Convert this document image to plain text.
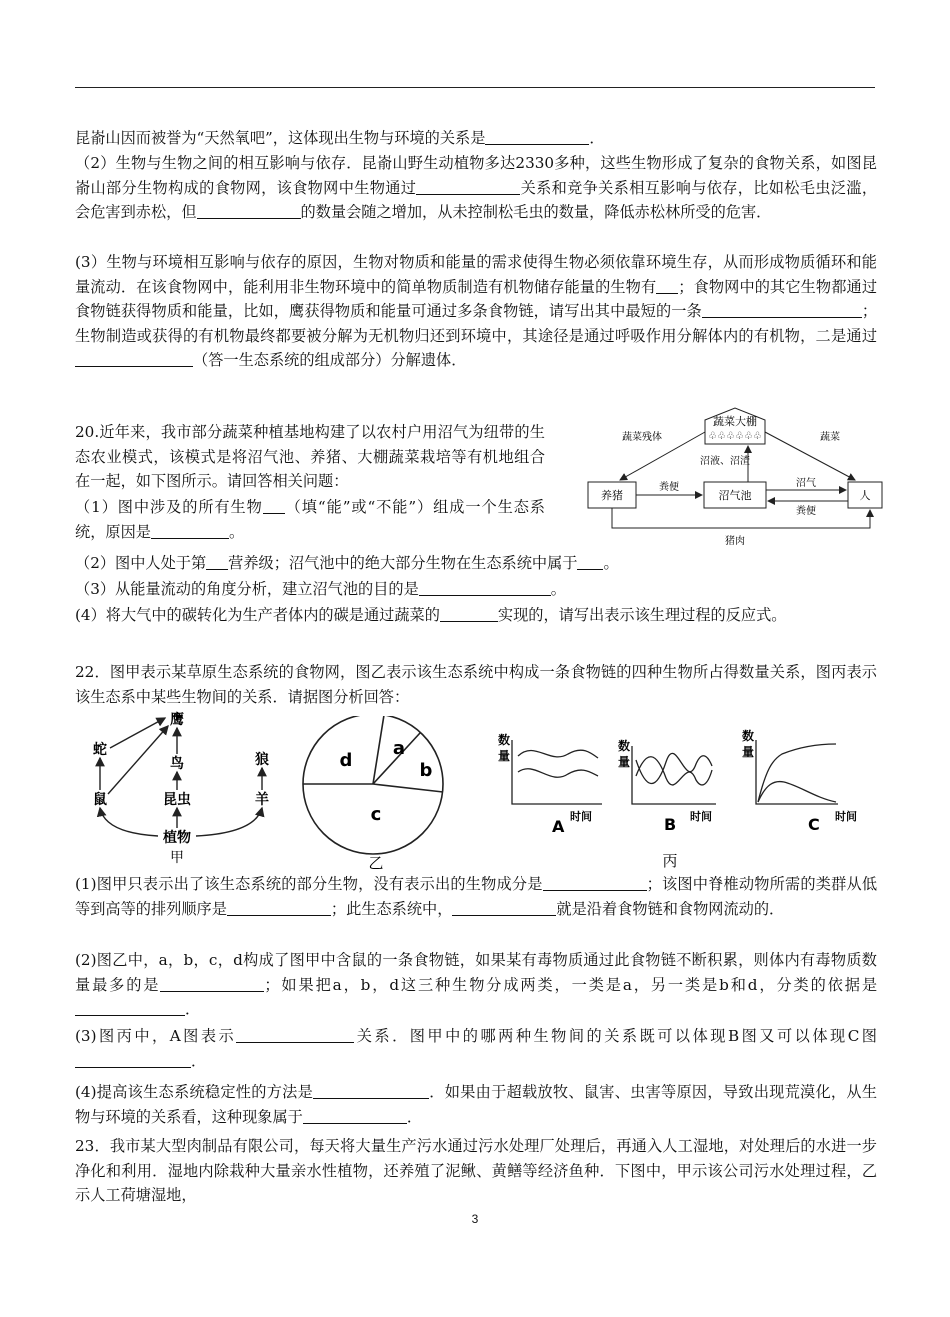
昆嵛山因而被誉为“天然氧吧”，这体现出生物与环境的关系是	．

（2）生物与生物之间的相互影响与依存．昆嵛山野生动植物多达2330多种，这些生物形成了复杂的食物关系，如图昆嵛山部分生物构成的食物网，该食物网中生物通过	关系和竞争关系相互影响与依存，比如松毛虫泛滥，会危害到赤松，但	的数量会随之增加，从未控制松毛虫的数量，降低赤松林所受的危害．

(3）生物与环境相互影响与依存的原因，生物对物质和能量的需求使得生物必须依靠环境生存，从而形成物质循环和能量流动．在该食物网中，能利用非生物环境中的简单物质制造有机物储存能量的生物有 ；食物网中的其它生物都通过食物链获得物质和能量，比如，鹰获得物质和能量可通过多条食物链，请写出其中最短的一条	；生物制造或获得的有机物最终都要被分解为无机物归还到环境中，其途径是通过呼吸作用分解体内的有机物，二是通过（答一生态系统的组成部分）分解遗体．

20.近年来，我市部分蔬菜种植基地构建了以农村户用沼气为纽带的生态农业模式，该模式是将沼气池、养猪、大棚蔬菜栽培等有机地组合在一起，如下图所示。请回答相关问题：

（1）图中涉及的所有生物 （填“能”或“不能”）组成一个生态系统，原因是	。

（2）图中人处于第 营养级；沼气池中的绝大部分生物在生态系统中属于 。

（3）从能量流动的角度分析，建立沼气池的目的是	。

(4）将大气中的碳转化为生产者体内的碳是通过蔬菜的	实现的，请写出表示该生理过程的反应式。

蔬菜大棚
♧♧♧♧♧♧
养猪	沼气池	人
蔬菜残体	蔬菜
沼液、沼渣
粪便	沼气
粪便
猪肉

22．图甲表示某草原生态系统的食物网，图乙表示该生态系统中构成一条食物链的四种生物所占得数量关系，图丙表示该生态系中某些生物间的关系．请据图分析回答：

鹰
蛇
鸟	狼
鼠	昆虫	羊
植物
甲
d
a
b
c
乙
数
量
时间
A
数
量
时间
B
数
量
时间
C
丙

(1)图甲只表示出了该生态系统的部分生物，没有表示出的生物成分是	；该图中脊椎动物所需的类群从低等到高等的排列顺序是	；此生态系统中，	就是沿着食物链和食物网流动的．

(2)图乙中，a，b，c，d构成了图甲中含鼠的一条食物链，如果某有毒物质通过此食物链不断积累，则体内有毒物质数量最多的是	；如果把a，b，d这三种生物分成两类，一类是a，另一类是b和d，分类的依据是．

(3)图丙中，A图表示	关系．图甲中的哪两种生物间的关系既可以体现B图又可以体现C图．

(4)提高该生态系统稳定性的方法是	．如果由于超载放牧、鼠害、虫害等原因，导致出现荒漠化，从生物与环境的关系看，这种现象属于	．

23．我市某大型肉制品有限公司，每天将大量生产污水通过污水处理厂处理后，再通入人工湿地，对处理后的水进一步净化和利用．湿地内除栽种大量亲水性植物，还养殖了泥鳅、黄鳝等经济鱼种．下图中，甲示该公司污水处理过程，乙示人工荷塘湿地，

3
